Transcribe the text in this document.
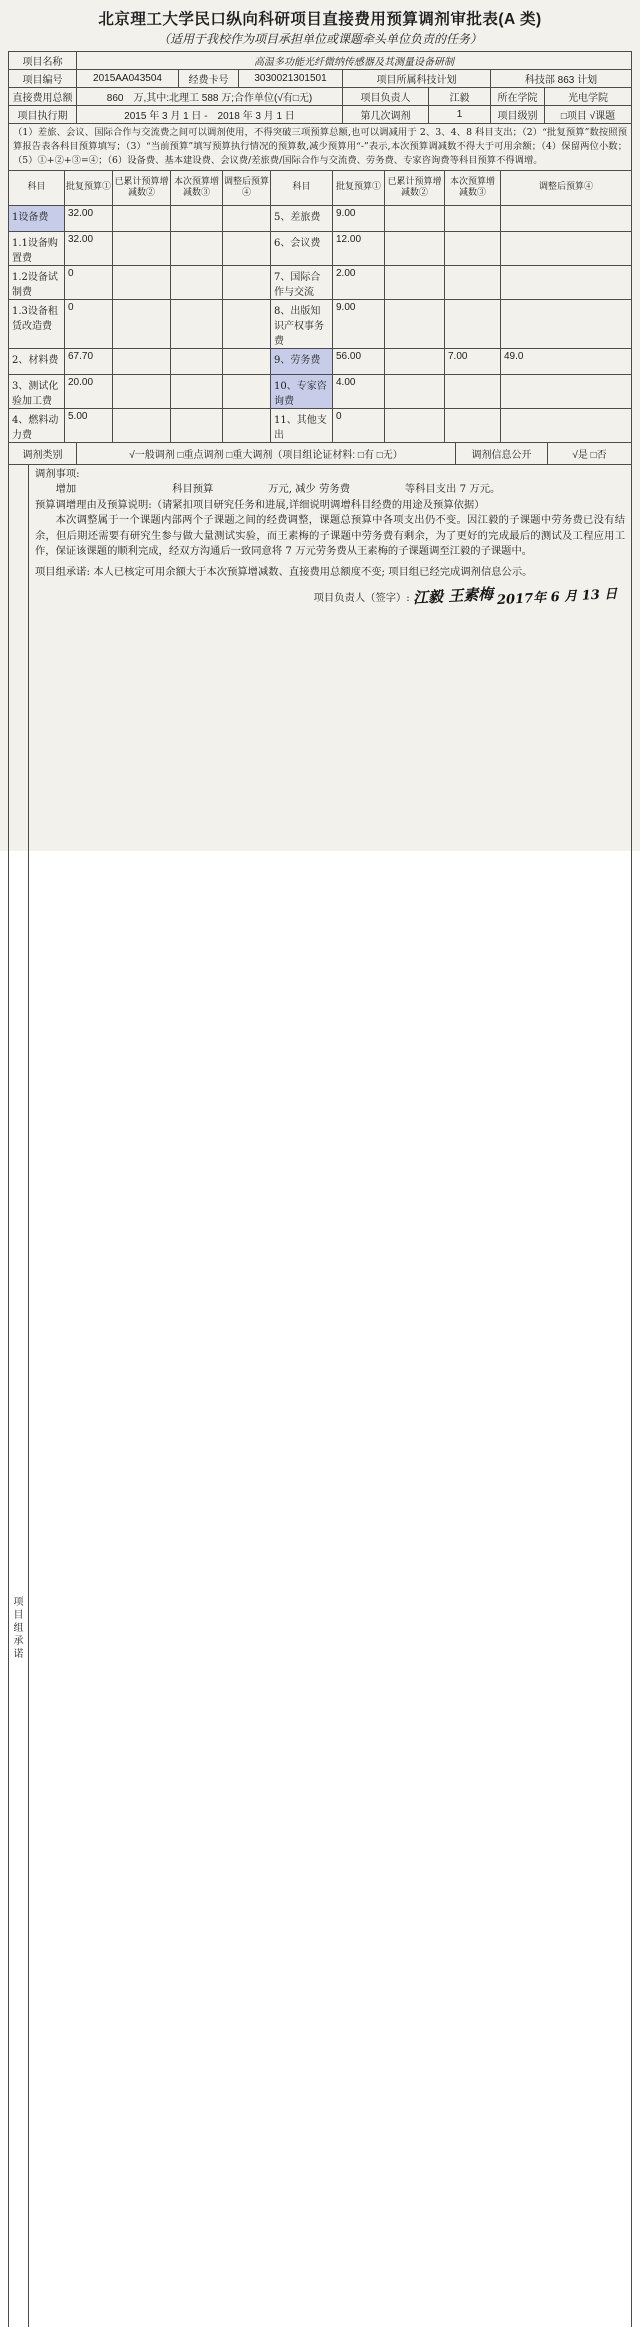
北京理工大学民口纵向科研项目直接费用预算调剂审批表(A 类)
（适用于我校作为项目承担单位或课题牵头单位负责的任务）
项目名称	高温多功能光纤微纳传感器及其测量设备研制						
项目编号	2015AA043504	经费卡号	3030021301501	项目所属科技计划		科技部 863 计划	
直接费用总额	860　万,其中:北理工 588 万;合作单位(√有□无)			项目负责人	江毅	所在学院	光电学院
项目执行期	2015 年 3 月 1 日 -　2018 年 3 月 1 日			第几次调剂	1	项目级别	□项目 √课题
（1）差旅、会议、国际合作与交流费之间可以调剂使用，不得突破三项预算总额,也可以调减用于 2、3、4、8 科目支出；（2）“批复预算”数按照预算报告表各科目预算填写；（3）“当前预算”填写预算执行情况的预算数,减少预算用“-”表示,本次预算调减数不得大于可用余额；（4）保留两位小数；（5）①+②+③=④；（6）设备费、基本建设费、会议费/差旅费/国际合作与交流费、劳务费、专家咨询费等科目预算不得调增。
科目	批复预算①	已累计预算增减数②	本次预算增减数③	调整后预算④	科目	批复预算①	已累计预算增减数②	本次预算增减数③	调整后预算④
1设备费	32.00				5、差旅费	9.00			
1.1设备购置费	32.00				6、会议费	12.00			
1.2设备试制费	0				7、国际合作与交流	2.00			
1.3设备租赁改造费	0				8、出版知识产权事务费	9.00			
2、材料费	67.70				9、劳务费	56.00		7.00	49.0
3、测试化验加工费	20.00				10、专家咨询费	4.00			
4、燃料动力费	5.00				11、其他支出	0			
调剂类别	√一般调剂 □重点调剂 □重大调剂（项目组论证材料: □有 □无）	调剂信息公开	√是 □否
项目组承诺

调剂事项:
增加	科目预算	万元, 减少 劳务费	等科目支出 7 万元。
预算调增理由及预算说明:（请紧扣项目研究任务和进展,详细说明调增科目经费的用途及预算依据）
本次调整属于一个课题内部两个子课题之间的经费调整，课题总预算中各项支出仍不变。因江毅的子课题中劳务费已没有结余，但后期还需要有研究生参与做大量测试实验，而王素梅的子课题中劳务费有剩余，为了更好的完成最后的测试及工程应用工作，保证该课题的顺利完成，经双方沟通后一致同意将 7 万元劳务费从王素梅的子课题调至江毅的子课题中。
项目组承诺: 本人已核定可用余额大于本次预算增减数、直接费用总额度不变; 项目组已经完成调剂信息公示。
项目负责人（签字）: 江毅 王素梅 2017年 6 月 13 日
